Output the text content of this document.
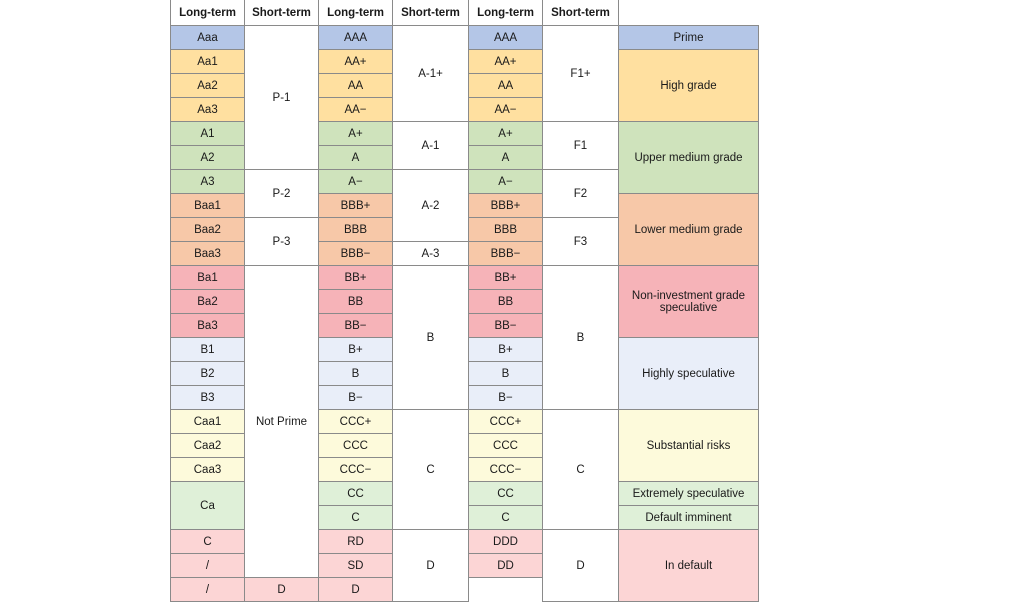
Long-term	Short-term	Long-term	Short-term	Long-term	Short-term	
Aaa	P-1	AAA	A-1+	AAA	F1+	Prime
Aa1		AA+		AA+		High grade
Aa2		AA		AA		
Aa3		AA−		AA−		
A1		A+	A-1	A+	F1	Upper medium grade
A2		A		A		
A3	P-2	A−	A-2	A−	F2	
Baa1		BBB+		BBB+		Lower medium grade
Baa2	P-3	BBB		BBB	F3	
Baa3		BBB−	A-3	BBB−		
Ba1	Not Prime	BB+	B	BB+	B	Non-investment grade speculative
Ba2		BB		BB		
Ba3		BB−		BB−		
B1		B+		B+		Highly speculative
B2		B		B		
B3		B−		B−		
Caa1		CCC+	C	CCC+	C	Substantial risks
Caa2		CCC		CCC		
Caa3		CCC−		CCC−		
Ca		CC		CC		Extremely speculative
		C		C		Default imminent
C		RD	D	DDD	D	In default
/		SD		DD		
/	D	D				
